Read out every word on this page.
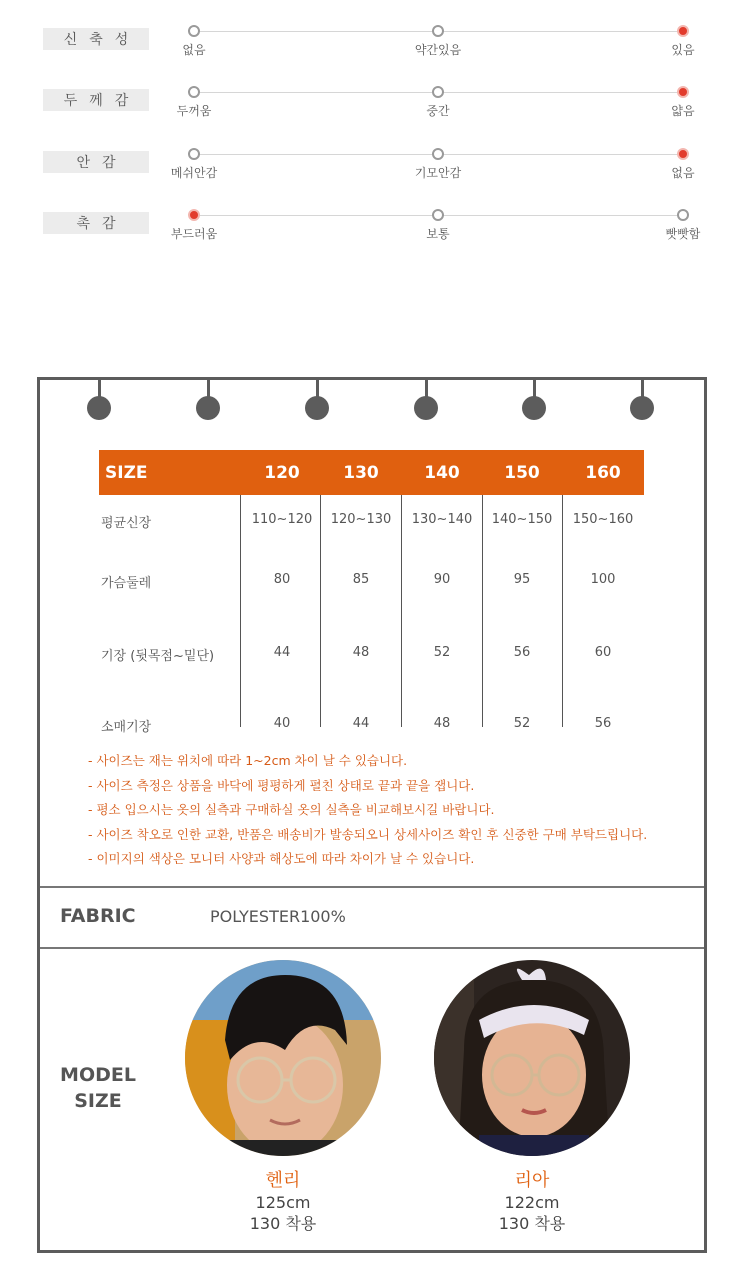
신축성
없음	약간있음	있음
두께감
두꺼움	중간	얇음
안감
메쉬안감	기모안감	없음
촉감
부드러움	보통	빳빳함
SIZE	120	130	140	150	160
평균신장	110~120 120~130 130~140 140~150 150~160
가슴둘레	80	85	90	95	100
기장 (뒷목점~밑단)	44	48	52	56	60
소매기장	40	44	48	52	56
- 사이즈는 재는 위치에 따라 1~2cm 차이 날 수 있습니다.
- 사이즈 측정은 상품을 바닥에 평평하게 펼친 상태로 끝과 끝을 잽니다.
- 평소 입으시는 옷의 실측과 구매하실 옷의 실측을 비교해보시길 바랍니다.
- 사이즈 착오로 인한 교환, 반품은 배송비가 발송되오니 상세사이즈 확인 후 신중한 구매 부탁드립니다.
- 이미지의 색상은 모니터 사양과 해상도에 따라 차이가 날 수 있습니다.
FABRIC	POLYESTER100%
MODEL
SIZE
헨리
125cm
130 착용
리아
122cm
130 착용
